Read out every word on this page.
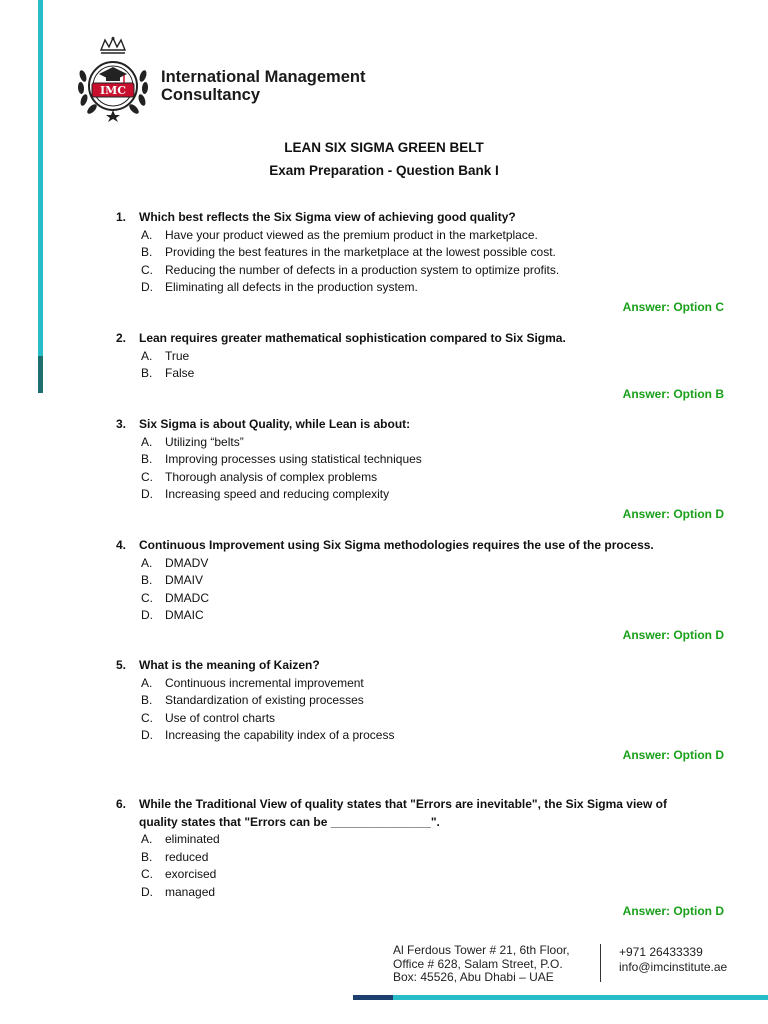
IMC
International Management
Consultancy
LEAN SIX SIGMA GREEN BELT
Exam Preparation - Question Bank I
1. Which best reflects the Six Sigma view of achieving good quality?
A. Have your product viewed as the premium product in the marketplace.
B. Providing the best features in the marketplace at the lowest possible cost.
C. Reducing the number of defects in a production system to optimize profits.
D. Eliminating all defects in the production system.
Answer: Option C
2. Lean requires greater mathematical sophistication compared to Six Sigma.
A. True
B. False
Answer: Option B
3. Six Sigma is about Quality, while Lean is about:
A. Utilizing “belts”
B. Improving processes using statistical techniques
C. Thorough analysis of complex problems
D. Increasing speed and reducing complexity
Answer: Option D
4. Continuous Improvement using Six Sigma methodologies requires the use of the process.
A. DMADV
B. DMAIV
C. DMADC
D. DMAIC
Answer: Option D
5. What is the meaning of Kaizen?
A. Continuous incremental improvement
B. Standardization of existing processes
C. Use of control charts
D. Increasing the capability index of a process
Answer: Option D
6. While the Traditional View of quality states that "Errors are inevitable", the Six Sigma view of quality states that "Errors can be _______________".
A. eliminated
B. reduced
C. exorcised
D. managed
Answer: Option D
Al Ferdous Tower # 21, 6th Floor,
Office # 628, Salam Street, P.O.
Box: 45526, Abu Dhabi – UAE
+971 26433339
info@imcinstitute.ae
